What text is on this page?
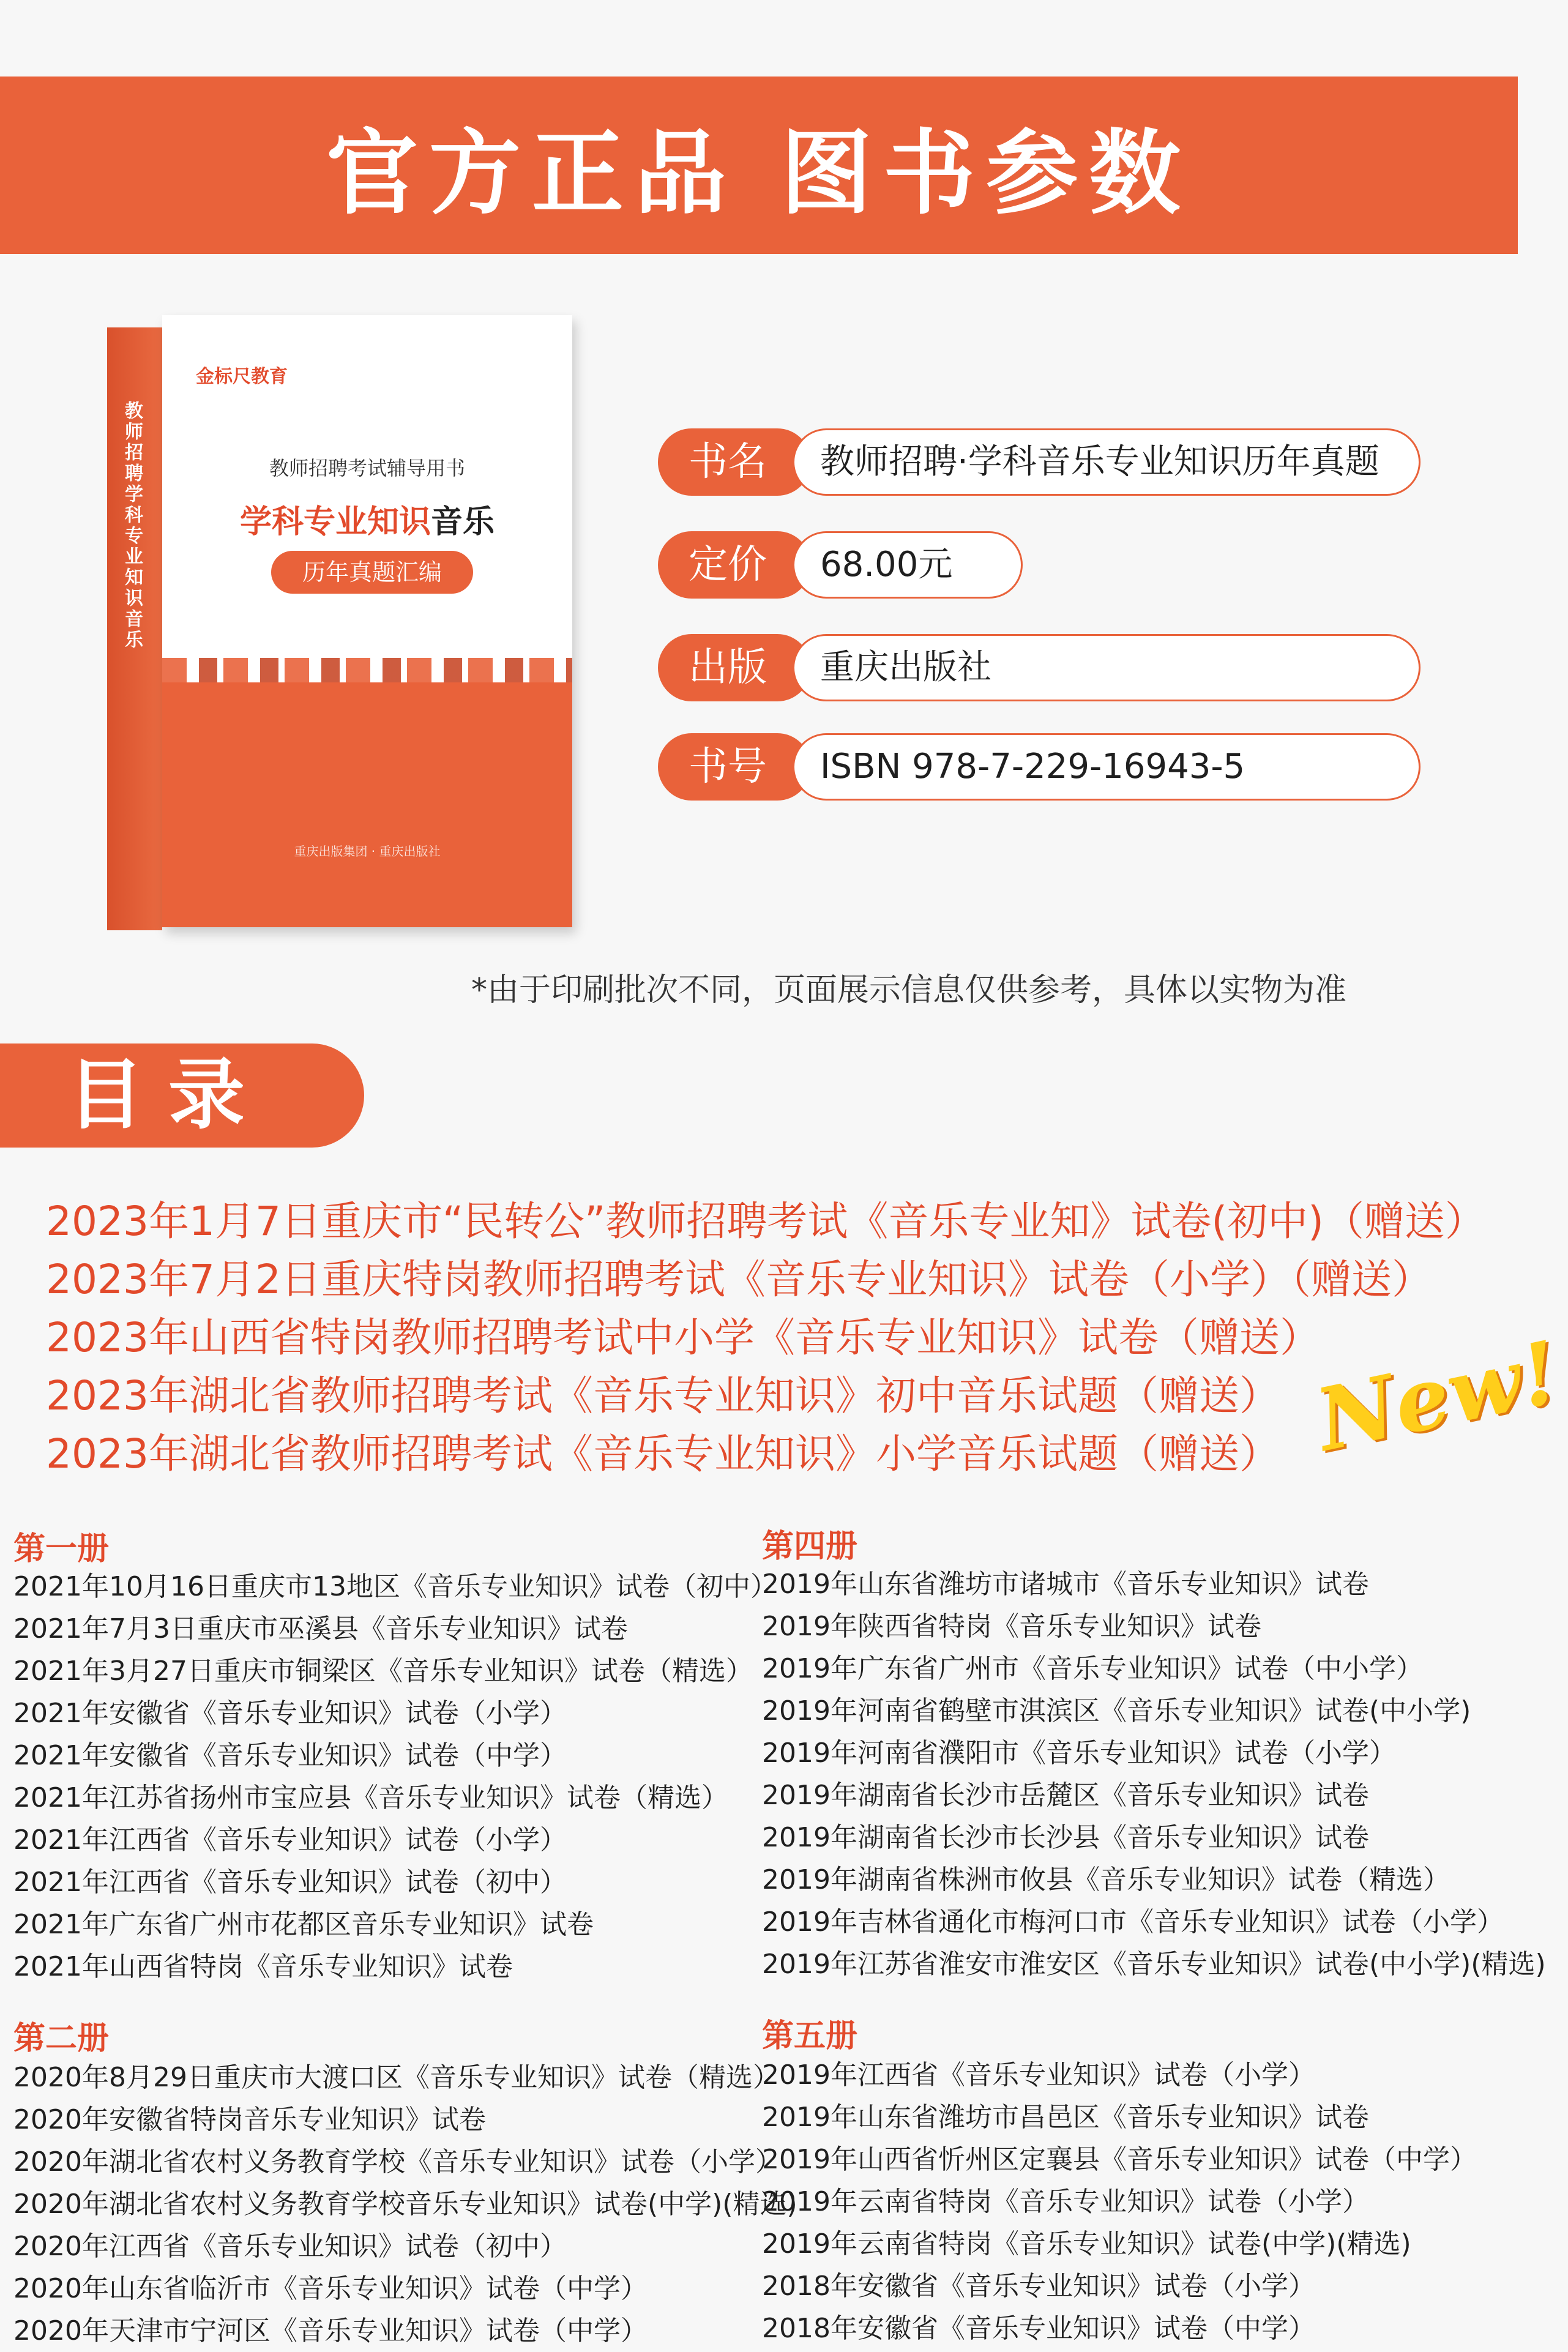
官方正品 图书参数
教师招聘学科专业知识音乐
金标尺教育
教师招聘考试辅导用书
学科专业知识音乐
历年真题汇编
重庆出版集团 · 重庆出版社
书名	教师招聘·学科音乐专业知识历年真题
定价	68.00元
出版	重庆出版社
书号	ISBN 978-7-229-16943-5
*由于印刷批次不同，页面展示信息仅供参考，具体以实物为准
目录
2023年1月7日重庆市“民转公”教师招聘考试《音乐专业知》试卷(初中)（赠送）
2023年7月2日重庆特岗教师招聘考试《音乐专业知识》试卷（小学）（赠送）
2023年山西省特岗教师招聘考试中小学《音乐专业知识》试卷（赠送）
2023年湖北省教师招聘考试《音乐专业知识》初中音乐试题（赠送）
2023年湖北省教师招聘考试《音乐专业知识》小学音乐试题（赠送） New!
第一册
2021年10月16日重庆市13地区《音乐专业知识》试卷（初中）
2021年7月3日重庆市巫溪县《音乐专业知识》试卷
2021年3月27日重庆市铜梁区《音乐专业知识》试卷（精选）
2021年安徽省《音乐专业知识》试卷（小学）
2021年安徽省《音乐专业知识》试卷（中学）
2021年江苏省扬州市宝应县《音乐专业知识》试卷（精选）
2021年江西省《音乐专业知识》试卷（小学）
2021年江西省《音乐专业知识》试卷（初中）
2021年广东省广州市花都区音乐专业知识》试卷
2021年山西省特岗《音乐专业知识》试卷
第二册
2020年8月29日重庆市大渡口区《音乐专业知识》试卷（精选）
2020年安徽省特岗音乐专业知识》试卷
2020年湖北省农村义务教育学校《音乐专业知识》试卷（小学）
2020年湖北省农村义务教育学校音乐专业知识》试卷(中学)(精选)
2020年江西省《音乐专业知识》试卷（初中）
2020年山东省临沂市《音乐专业知识》试卷（中学）
2020年天津市宁河区《音乐专业知识》试卷（中学）
第四册
2019年山东省潍坊市诸城市《音乐专业知识》试卷
2019年陕西省特岗《音乐专业知识》试卷
2019年广东省广州市《音乐专业知识》试卷（中小学）
2019年河南省鹤壁市淇滨区《音乐专业知识》试卷(中小学)
2019年河南省濮阳市《音乐专业知识》试卷（小学）
2019年湖南省长沙市岳麓区《音乐专业知识》试卷
2019年湖南省长沙市长沙县《音乐专业知识》试卷
2019年湖南省株洲市攸县《音乐专业知识》试卷（精选）
2019年吉林省通化市梅河口市《音乐专业知识》试卷（小学）
2019年江苏省淮安市淮安区《音乐专业知识》试卷(中小学)(精选)
第五册
2019年江西省《音乐专业知识》试卷（小学）
2019年山东省潍坊市昌邑区《音乐专业知识》试卷
2019年山西省忻州区定襄县《音乐专业知识》试卷（中学）
2019年云南省特岗《音乐专业知识》试卷（小学）
2019年云南省特岗《音乐专业知识》试卷(中学)(精选)
2018年安徽省《音乐专业知识》试卷（小学）
2018年安徽省《音乐专业知识》试卷（中学）
